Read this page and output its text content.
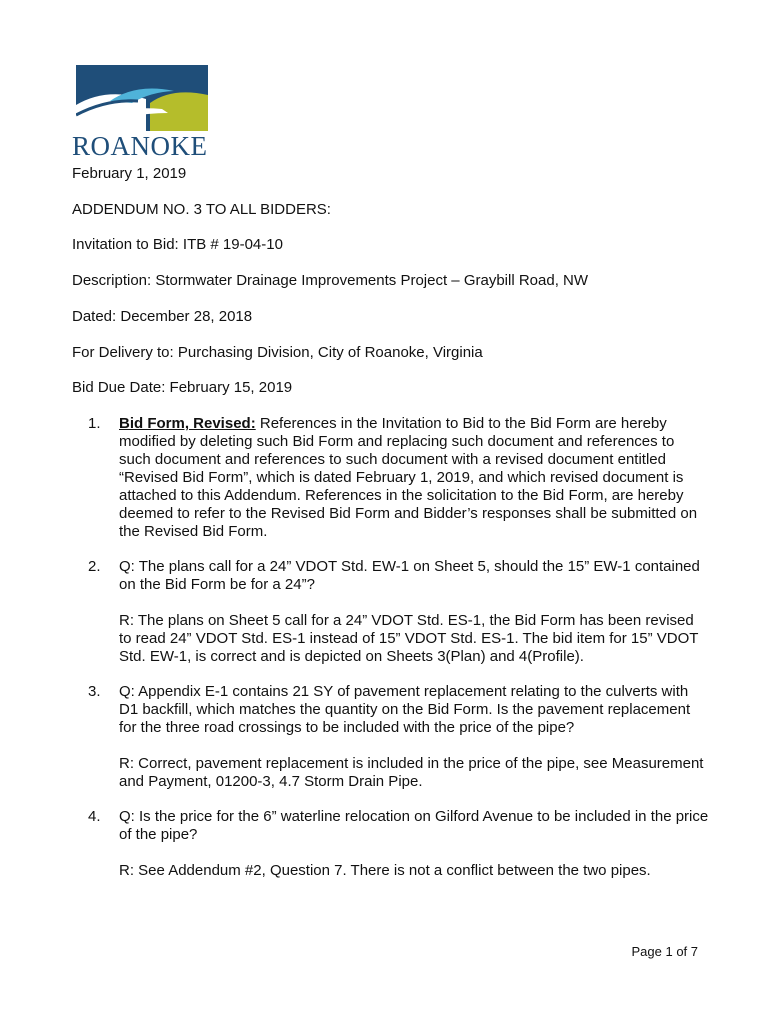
ROANOKE
February 1, 2019
ADDENDUM NO. 3 TO ALL BIDDERS:
Invitation to Bid: ITB # 19-04-10
Description: Stormwater Drainage Improvements Project – Graybill Road, NW
Dated: December 28, 2018
For Delivery to: Purchasing Division, City of Roanoke, Virginia
Bid Due Date: February 15, 2019
1.	Bid Form, Revised: References in the Invitation to Bid to the Bid Form are hereby modified by deleting such Bid Form and replacing such document and references to such document and references to such document with a revised document entitled “Revised Bid Form”, which is dated February 1, 2019, and which revised document is attached to this Addendum. References in the solicitation to the Bid Form, are hereby deemed to refer to the Revised Bid Form and Bidder’s responses shall be submitted on the Revised Bid Form.

2.	Q: The plans call for a 24” VDOT Std. EW-1 on Sheet 5, should the 15” EW-1 contained on the Bid Form be for a 24”?

R: The plans on Sheet 5 call for a 24” VDOT Std. ES-1, the Bid Form has been revised to read 24” VDOT Std. ES-1 instead of 15” VDOT Std. ES-1. The bid item for 15” VDOT Std. EW-1, is correct and is depicted on Sheets 3(Plan) and 4(Profile).

3.	Q: Appendix E-1 contains 21 SY of pavement replacement relating to the culverts with D1 backfill, which matches the quantity on the Bid Form. Is the pavement replacement for the three road crossings to be included with the price of the pipe?

R: Correct, pavement replacement is included in the price of the pipe, see Measurement and Payment, 01200-3, 4.7 Storm Drain Pipe.

4.	Q: Is the price for the 6” waterline relocation on Gilford Avenue to be included in the price of the pipe?

R: See Addendum #2, Question 7. There is not a conflict between the two pipes.

Page 1 of 7
